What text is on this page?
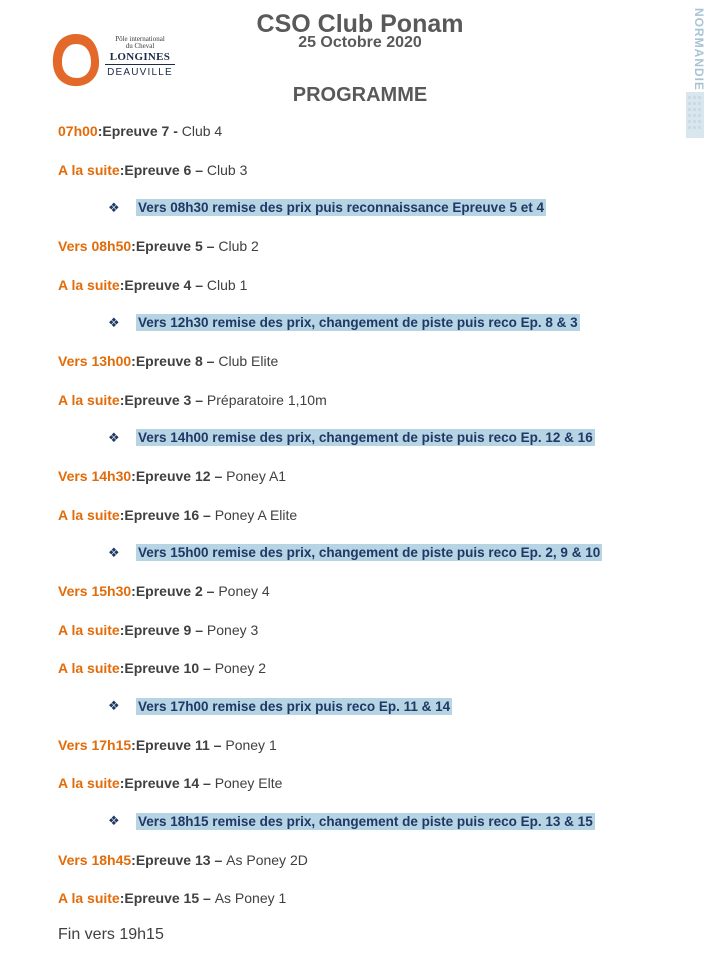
Pôle international
du Cheval
LONGINES
DEAUVILLE
CSO Club Ponam
25 Octobre 2020
PROGRAMME
NORMANDIE
07h00 : Epreuve 7 - Club 4
A la suite : Epreuve 6 – Club 3
❖	Vers 08h30 remise des prix puis reconnaissance Epreuve 5 et 4
Vers 08h50 : Epreuve 5 – Club 2
A la suite : Epreuve 4 – Club 1
❖	Vers 12h30 remise des prix, changement de piste puis reco Ep. 8 & 3
Vers 13h00 : Epreuve 8 – Club Elite
A la suite : Epreuve 3 – Préparatoire 1,10m
❖	Vers 14h00 remise des prix, changement de piste puis reco Ep. 12 & 16
Vers 14h30 : Epreuve 12 – Poney A1
A la suite : Epreuve 16 – Poney A Elite
❖	Vers 15h00 remise des prix, changement de piste puis reco Ep. 2, 9 & 10
Vers 15h30 : Epreuve 2 – Poney 4
A la suite : Epreuve 9 – Poney 3
A la suite : Epreuve 10 – Poney 2
❖	Vers 17h00 remise des prix puis reco Ep. 11 & 14
Vers 17h15 : Epreuve 11 – Poney 1
A la suite : Epreuve 14 – Poney Elte
❖	Vers 18h15 remise des prix, changement de piste puis reco Ep. 13 & 15
Vers 18h45 : Epreuve 13 – As Poney 2D
A la suite : Epreuve 15 – As Poney 1
Fin vers 19h15
